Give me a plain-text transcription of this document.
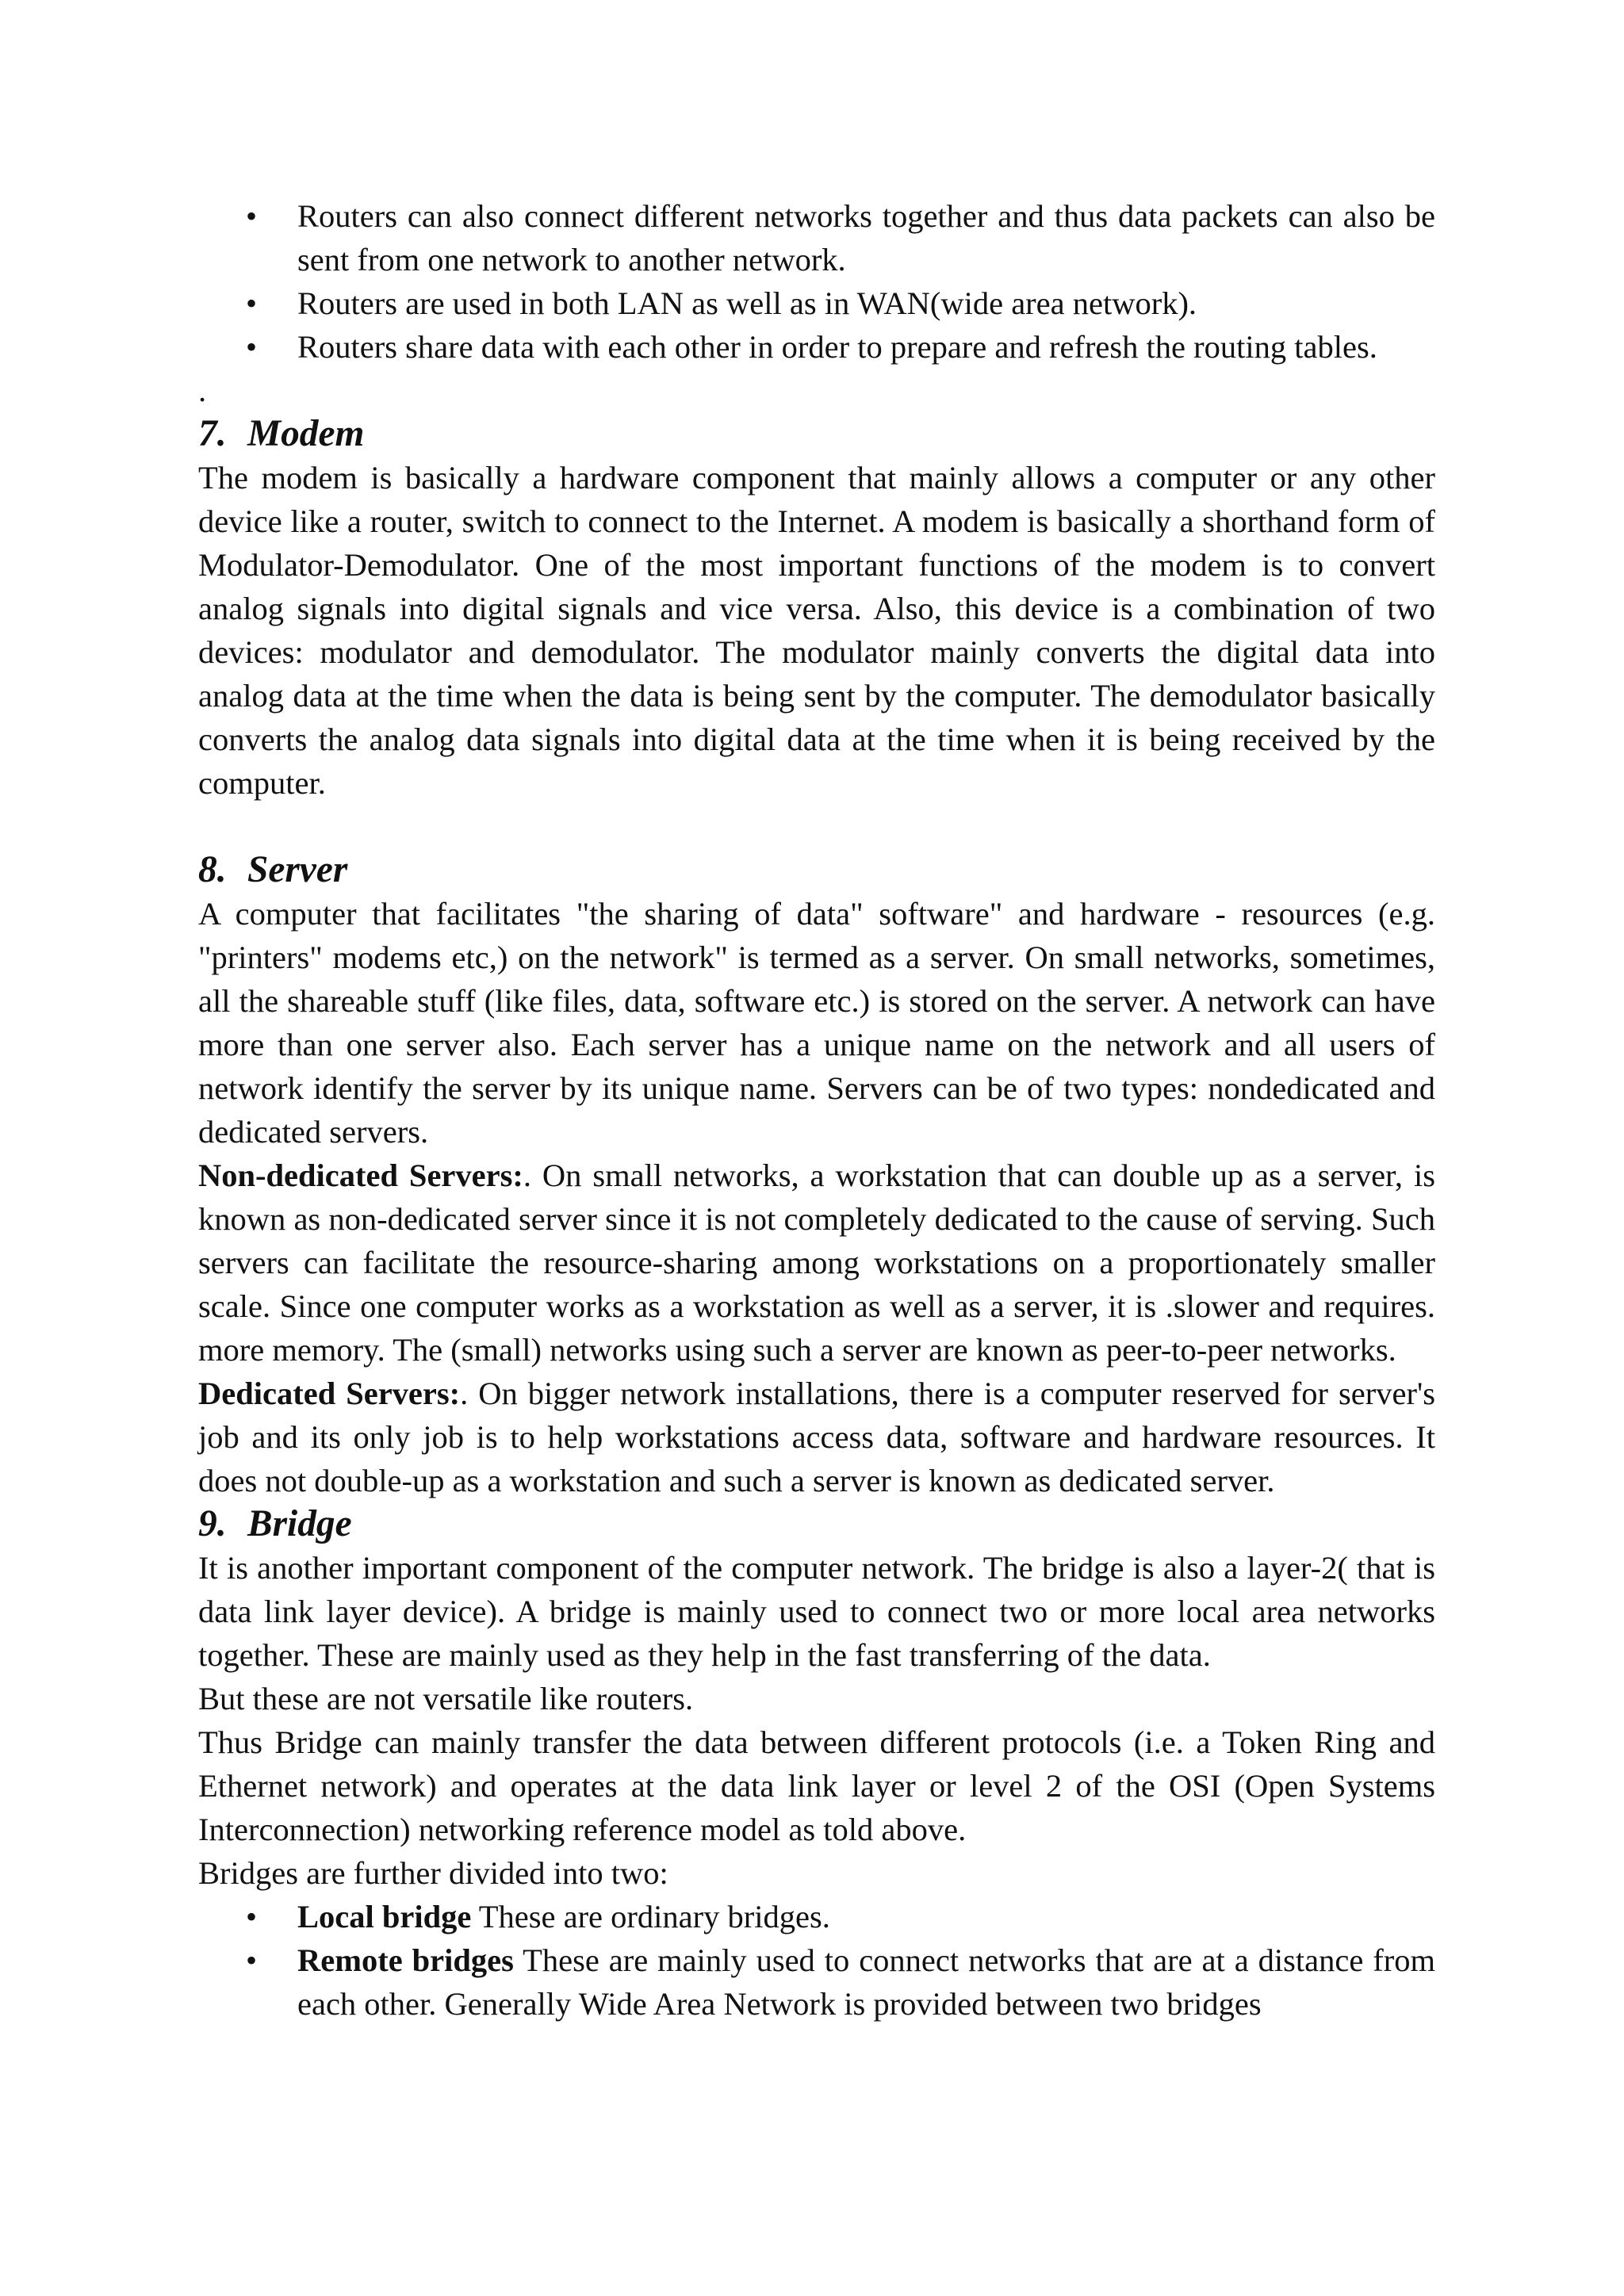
• Routers can also connect different networks together and thus data packets can also be sent from one network to another network.
• Routers are used in both LAN as well as in WAN(wide area network).
• Routers share data with each other in order to prepare and refresh the routing tables.

.

7. Modem

The modem is basically a hardware component that mainly allows a computer or any other device like a router, switch to connect to the Internet. A modem is basically a shorthand form of Modulator-Demodulator. One of the most important functions of the modem is to convert analog signals into digital signals and vice versa. Also, this device is a combination of two devices: modulator and demodulator. The modulator mainly converts the digital data into analog data at the time when the data is being sent by the computer. The demodulator basically converts the analog data signals into digital data at the time when it is being received by the computer.

8. Server

A computer that facilitates "the sharing of data" software" and hardware - resources (e.g. "printers" modems etc,) on the network" is termed as a server. On small networks, sometimes, all the shareable stuff (like files, data, software etc.) is stored on the server. A network can have more than one server also. Each server has a unique name on the network and all users of network identify the server by its unique name. Servers can be of two types: nondedicated and dedicated servers.

Non-dedicated Servers:. On small networks, a workstation that can double up as a server, is known as non-dedicated server since it is not completely dedicated to the cause of serving. Such servers can facilitate the resource-sharing among workstations on a proportionately smaller scale. Since one computer works as a workstation as well as a server, it is .slower and requires. more memory. The (small) networks using such a server are known as peer-to-peer networks.

Dedicated Servers:. On bigger network installations, there is a computer reserved for server's job and its only job is to help workstations access data, software and hardware resources. It does not double-up as a workstation and such a server is known as dedicated server.

9. Bridge

It is another important component of the computer network. The bridge is also a layer-2( that is data link layer device). A bridge is mainly used to connect two or more local area networks together. These are mainly used as they help in the fast transferring of the data.

But these are not versatile like routers.

Thus Bridge can mainly transfer the data between different protocols (i.e. a Token Ring and Ethernet network) and operates at the data link layer or level 2 of the OSI (Open Systems Interconnection) networking reference model as told above.

Bridges are further divided into two:

• Local bridge These are ordinary bridges.
• Remote bridges These are mainly used to connect networks that are at a distance from each other. Generally Wide Area Network is provided between two bridges
